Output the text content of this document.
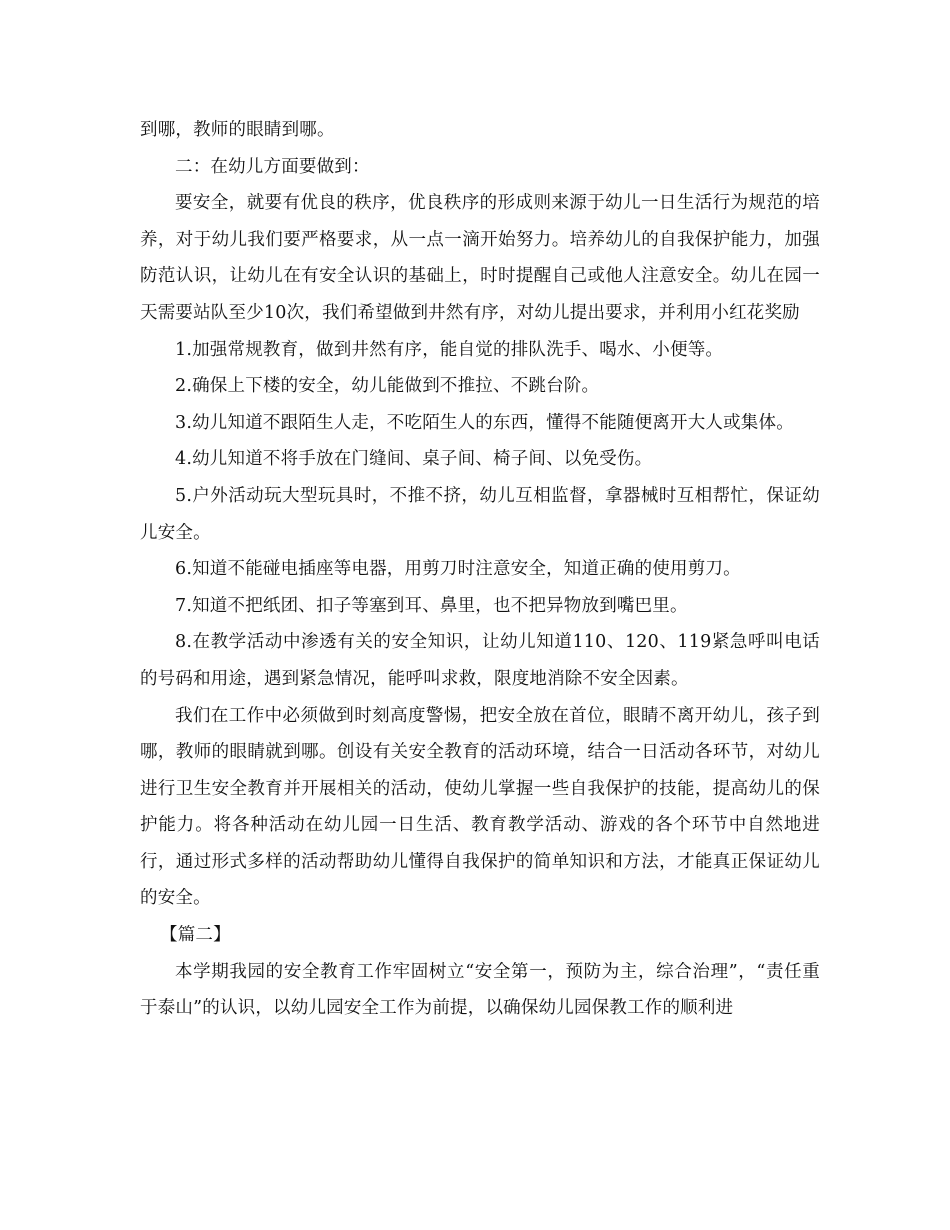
到哪，教师的眼睛到哪。

二：在幼儿方面要做到：

要安全，就要有优良的秩序，优良秩序的形成则来源于幼儿一日生活行为规范的培养，对于幼儿我们要严格要求，从一点一滴开始努力。培养幼儿的自我保护能力，加强防范认识，让幼儿在有安全认识的基础上，时时提醒自己或他人注意安全。幼儿在园一天需要站队至少10次，我们希望做到井然有序，对幼儿提出要求，并利用小红花奖励

1.加强常规教育，做到井然有序，能自觉的排队洗手、喝水、小便等。

2.确保上下楼的安全，幼儿能做到不推拉、不跳台阶。

3.幼儿知道不跟陌生人走，不吃陌生人的东西，懂得不能随便离开大人或集体。

4.幼儿知道不将手放在门缝间、桌子间、椅子间、以免受伤。

5.户外活动玩大型玩具时，不推不挤，幼儿互相监督，拿器械时互相帮忙，保证幼儿安全。

6.知道不能碰电插座等电器，用剪刀时注意安全，知道正确的使用剪刀。

7.知道不把纸团、扣子等塞到耳、鼻里，也不把异物放到嘴巴里。

8.在教学活动中渗透有关的安全知识，让幼儿知道110、120、119紧急呼叫电话的号码和用途，遇到紧急情况，能呼叫求救，限度地消除不安全因素。

我们在工作中必须做到时刻高度警惕，把安全放在首位，眼睛不离开幼儿，孩子到哪，教师的眼睛就到哪。创设有关安全教育的活动环境，结合一日活动各环节，对幼儿进行卫生安全教育并开展相关的活动，使幼儿掌握一些自我保护的技能，提高幼儿的保护能力。将各种活动在幼儿园一日生活、教育教学活动、游戏的各个环节中自然地进行，通过形式多样的活动帮助幼儿懂得自我保护的简单知识和方法，才能真正保证幼儿的安全。

【篇二】

本学期我园的安全教育工作牢固树立“安全第一，预防为主，综合治理”，“责任重于泰山”的认识，以幼儿园安全工作为前提，以确保幼儿园保教工作的顺利进
